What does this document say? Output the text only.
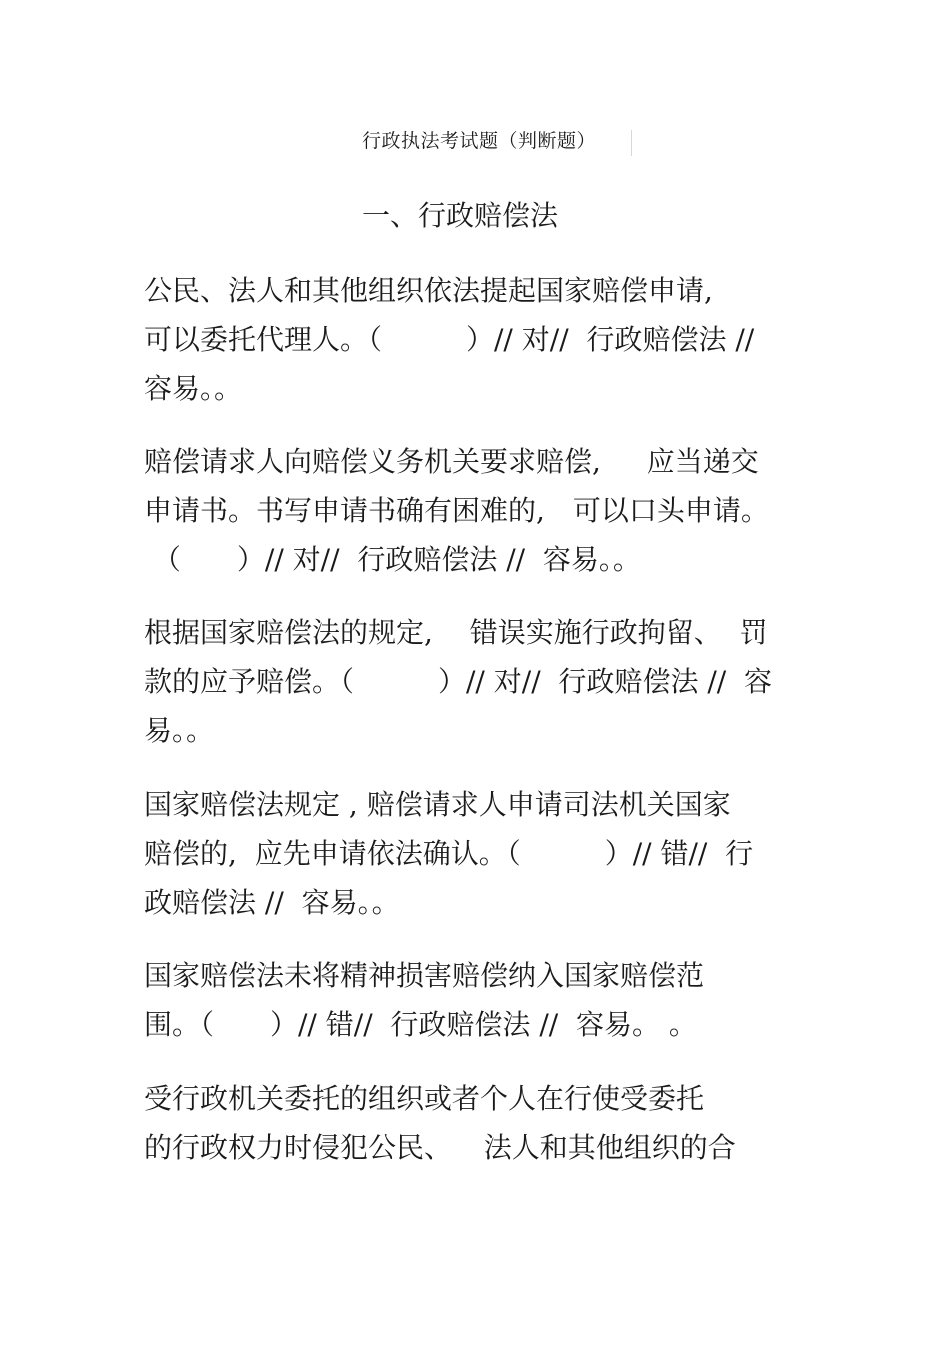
行政执法考试题（判断题）
一、行政赔偿法
公民、法人和其他组织依法提起国家赔偿申请,
可以委托代理人。（　　　）// 对//  行政赔偿法 //
容易。。
赔偿请求人向赔偿义务机关要求赔偿,　  应当递交
申请书。书写申请书确有困难的,　可以口头申请。
（　　）// 对//  行政赔偿法 //  容易。。
根据国家赔偿法的规定,　 错误实施行政拘留、  罚
款的应予赔偿。（　　　）// 对//  行政赔偿法 //  容
易。。
国家赔偿法规定 , 赔偿请求人申请司法机关国家
赔偿的,  应先申请依法确认。（　　　）// 错//  行
政赔偿法 //  容易。。
国家赔偿法未将精神损害赔偿纳入国家赔偿范
围。（　　）// 错//  行政赔偿法 //  容易。 。
受行政机关委托的组织或者个人在行使受委托
的行政权力时侵犯公民、　  法人和其他组织的合
